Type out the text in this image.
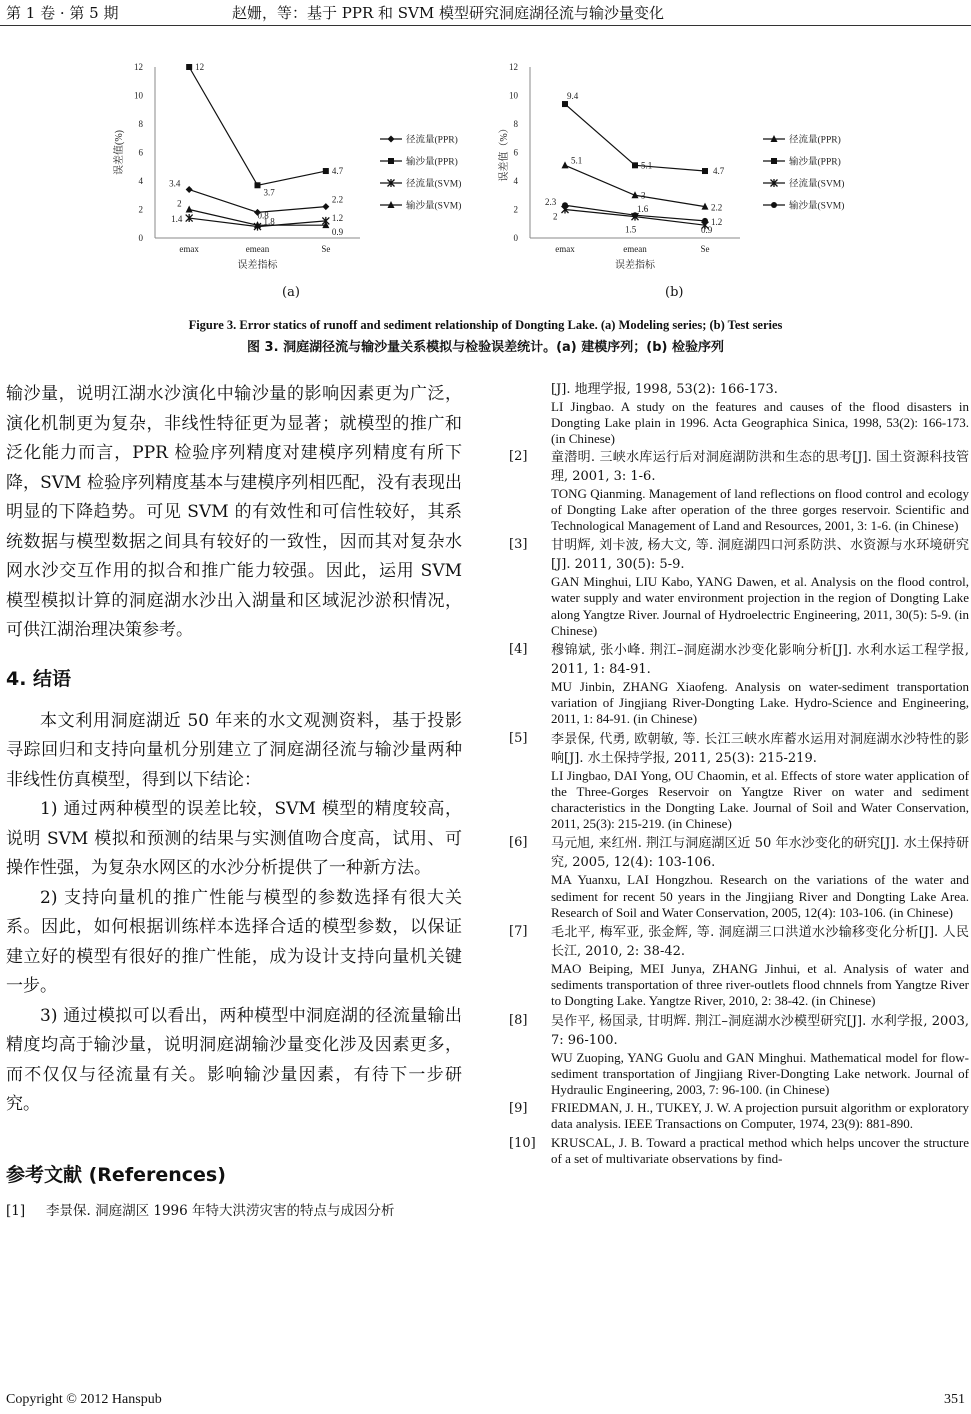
第 1 卷 · 第 5 期	赵姗，等：基于 PPR 和 SVM 模型研究洞庭湖径流与输沙量变化
0
2
4
6
8
10
12
emax	emean	Se
误差指标
误差值(%)
3.4
1.8
2.2
径流量(PPR)
12
3.7
4.7
输沙量(PPR)
1.4	0.8	1.2
径流量(SVM)
2
0.9
输沙量(SVM)
(a)
0
2
4
6
8
10
12
emax	emean	Se
误差指标
误差值（%）	5.1
3
2.2
径流量(PPR)
9.4
5.1
4.7
输沙量(PPR)
2
1.5	0.9
径流量(SVM)
2.3
1.6
1.2
输沙量(SVM)
(b)
Figure 3. Error statics of runoff and sediment relationship of Dongting Lake. (a) Modeling series; (b) Test series
图 3. 洞庭湖径流与输沙量关系模拟与检验误差统计。(a) 建模序列；(b) 检验序列

输沙量，说明江湖水沙演化中输沙量的影响因素更为广泛，演化机制更为复杂，非线性特征更为显著；就模型的推广和泛化能力而言，PPR 检验序列精度对建模序列精度有所下降，SVM 检验序列精度基本与建模序列相匹配，没有表现出明显的下降趋势。可见 SVM 的有效性和可信性较好，其系统数据与模型数据之间具有较好的一致性，因而其对复杂水网水沙交互作用的拟合和推广能力较强。因此，运用 SVM 模型模拟计算的洞庭湖水沙出入湖量和区域泥沙淤积情况，可供江湖治理决策参考。

4. 结语

本文利用洞庭湖近 50 年来的水文观测资料，基于投影寻踪回归和支持向量机分别建立了洞庭湖径流与输沙量两种非线性仿真模型，得到以下结论：

1) 通过两种模型的误差比较，SVM 模型的精度较高，说明 SVM 模拟和预测的结果与实测值吻合度高，试用、可操作性强，为复杂水网区的水沙分析提供了一种新方法。

2) 支持向量机的推广性能与模型的参数选择有很大关系。因此，如何根据训练样本选择合适的模型参数，以保证建立好的模型有很好的推广性能，成为设计支持向量机关键一步。

3) 通过模拟可以看出，两种模型中洞庭湖的径流量输出精度均高于输沙量，说明洞庭湖输沙量变化涉及因素更多，而不仅仅与径流量有关。影响输沙量因素，有待下一步研究。

参考文献 (References)
[1]	李景保. 洞庭湖区 1996 年特大洪涝灾害的特点与成因分析
[J]. 地理学报, 1998, 53(2): 166-173.
LI Jingbao. A study on the features and causes of the flood disasters in Dongting Lake plain in 1996. Acta Geographica Sinica, 1998, 53(2): 166-173. (in Chinese)
[2]	童潜明. 三峡水库运行后对洞庭湖防洪和生态的思考[J]. 国土资源科技管理, 2001, 3: 1-6.
TONG Qianming. Management of land reflections on flood control and ecology of Dongting Lake after operation of the three gorges reservoir. Scientific and Technological Management of Land and Resources, 2001, 3: 1-6. (in Chinese)
[3]	甘明辉, 刘卡波, 杨大文, 等. 洞庭湖四口河系防洪、水资源与水环境研究[J]. 2011, 30(5): 5-9.
GAN Minghui, LIU Kabo, YANG Dawen, et al. Analysis on the flood control, water supply and water environment projection in the region of Dongting Lake along Yangtze River. Journal of Hydroelectric Engineering, 2011, 30(5): 5-9. (in Chinese)
[4]	穆锦斌, 张小峰. 荆江–洞庭湖水沙变化影响分析[J]. 水利水运工程学报, 2011, 1: 84-91.
MU Jinbin, ZHANG Xiaofeng. Analysis on water-sediment transportation variation of Jingjiang River-Dongting Lake. Hydro-Science and Engineering, 2011, 1: 84-91. (in Chinese)
[5]	李景保, 代勇, 欧朝敏, 等. 长江三峡水库蓄水运用对洞庭湖水沙特性的影响[J]. 水土保持学报, 2011, 25(3): 215-219.
LI Jingbao, DAI Yong, OU Chaomin, et al. Effects of store water application of the Three-Gorges Reservoir on Yangtze River on water and sediment characteristics in the Dongting Lake. Journal of Soil and Water Conservation, 2011, 25(3): 215-219. (in Chinese)
[6]	马元旭, 来红州. 荆江与洞庭湖区近 50 年水沙变化的研究[J]. 水土保持研究, 2005, 12(4): 103-106.
MA Yuanxu, LAI Hongzhou. Research on the variations of the water and sediment for recent 50 years in the Jingjiang River and Dongting Lake Area. Research of Soil and Water Conservation, 2005, 12(4): 103-106. (in Chinese)
[7]	毛北平, 梅军亚, 张金辉, 等. 洞庭湖三口洪道水沙输移变化分析[J]. 人民长江, 2010, 2: 38-42.
MAO Beiping, MEI Junya, ZHANG Jinhui, et al. Analysis of water and sediments transportation of three river-outlets flood chnnels from Yangtze River to Dongting Lake. Yangtze River, 2010, 2: 38-42. (in Chinese)
[8]	吴作平, 杨国录, 甘明辉. 荆江–洞庭湖水沙模型研究[J]. 水利学报, 2003, 7: 96-100.
WU Zuoping, YANG Guolu and GAN Minghui. Mathematical model for flow-sediment transportation of Jingjiang River-Dongting Lake network. Journal of Hydraulic Engineering, 2003, 7: 96-100. (in Chinese)
[9]	FRIEDMAN, J. H., TUKEY, J. W. A projection pursuit algorithm or exploratory data analysis. IEEE Transactions on Computer, 1974, 23(9): 881-890.
[10]	KRUSCAL, J. B. Toward a practical method which helps uncover the structure of a set of multivariate observations by find-
Copyright © 2012 Hanspub	351
